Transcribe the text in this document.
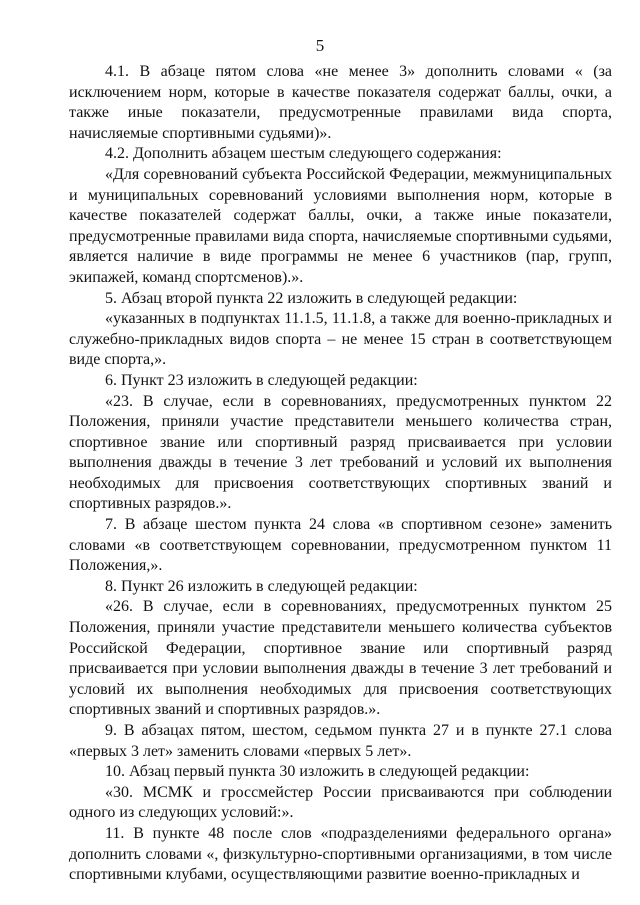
5

4.1. В абзаце пятом слова «не менее 3» дополнить словами « (за исключением норм, которые в качестве показателя содержат баллы, очки, а также иные показатели, предусмотренные правилами вида спорта, начисляемые спортивными судьями)».

4.2. Дополнить абзацем шестым следующего содержания:

«Для соревнований субъекта Российской Федерации, межмуниципальных и муниципальных соревнований условиями выполнения норм, которые в качестве показателей содержат баллы, очки, а также иные показатели, предусмотренные правилами вида спорта, начисляемые спортивными судьями, является наличие в виде программы не менее 6 участников (пар, групп, экипажей, команд спортсменов).».

5. Абзац второй пункта 22 изложить в следующей редакции:

«указанных в подпунктах 11.1.5, 11.1.8, а также для военно-прикладных и служебно-прикладных видов спорта – не менее 15 стран в соответствующем виде спорта,».

6. Пункт 23 изложить в следующей редакции:

«23. В случае, если в соревнованиях, предусмотренных пунктом 22 Положения, приняли участие представители меньшего количества стран, спортивное звание или спортивный разряд присваивается при условии выполнения дважды в течение 3 лет требований и условий их выполнения необходимых для присвоения соответствующих спортивных званий и спортивных разрядов.».

7. В абзаце шестом пункта 24 слова «в спортивном сезоне» заменить словами «в соответствующем соревновании, предусмотренном пунктом 11 Положения,».

8. Пункт 26 изложить в следующей редакции:

«26. В случае, если в соревнованиях, предусмотренных пунктом 25 Положения, приняли участие представители меньшего количества субъектов Российской Федерации, спортивное звание или спортивный разряд присваивается при условии выполнения дважды в течение 3 лет требований и условий их выполнения необходимых для присвоения соответствующих спортивных званий и спортивных разрядов.».

9. В абзацах пятом, шестом, седьмом пункта 27 и в пункте 27.1 слова «первых 3 лет» заменить словами «первых 5 лет».

10. Абзац первый пункта 30 изложить в следующей редакции:

«30. МСМК и гроссмейстер России присваиваются при соблюдении одного из следующих условий:».

11. В пункте 48 после слов «подразделениями федерального органа» дополнить словами «, физкультурно-спортивными организациями, в том числе спортивными клубами, осуществляющими развитие военно-прикладных и
